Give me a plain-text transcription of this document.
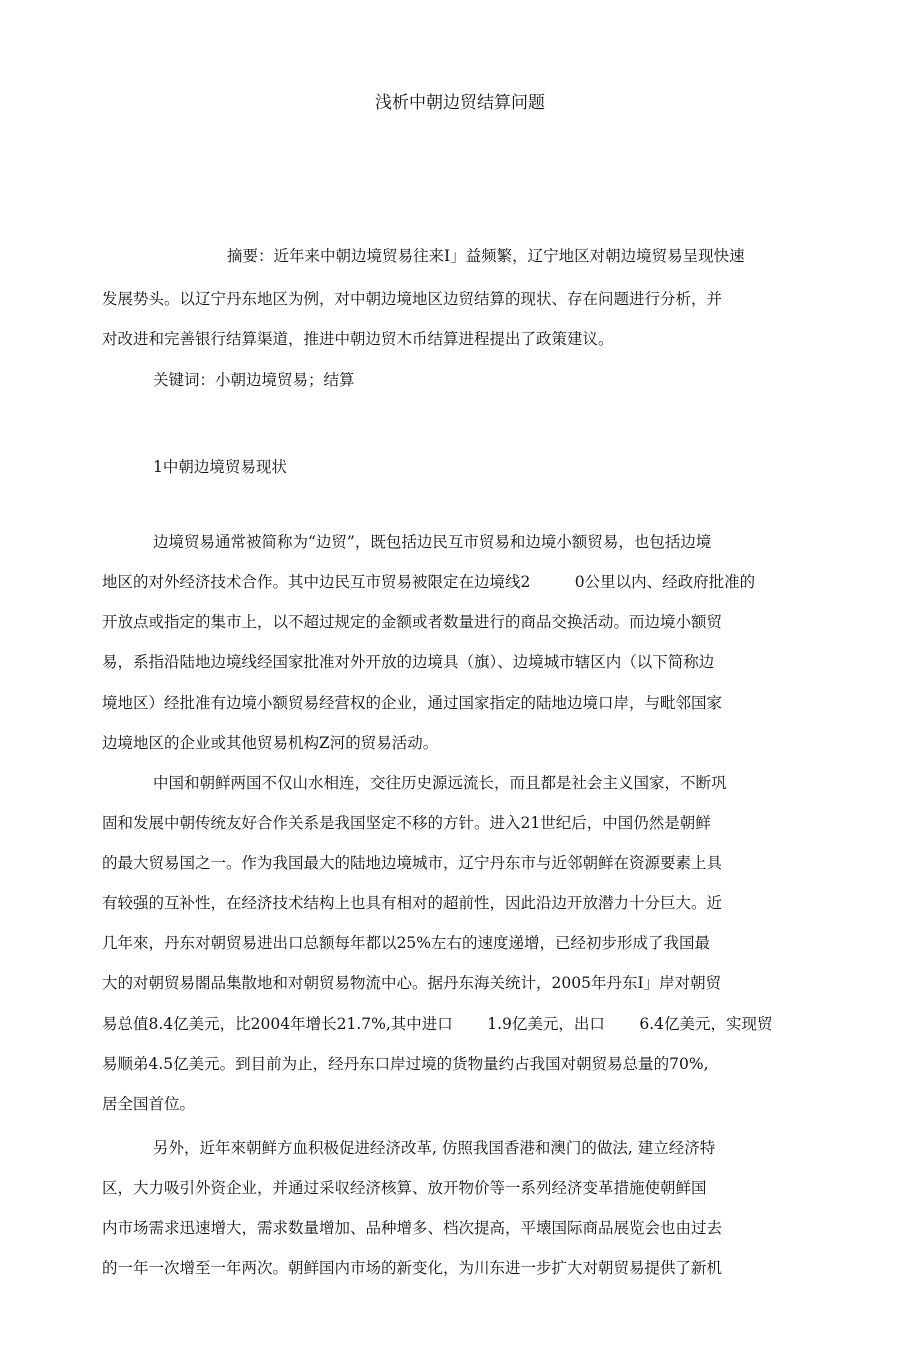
浅析中朝边贸结算问题
摘要：近年来中朝边境贸易往来I」益频繁，辽宁地区对朝边境贸易呈现快速
发展势头。以辽宁丹东地区为例，对中朝边境地区边贸结算的现状、存在问题进行分析，并
对改进和完善银行结算渠道，推进中朝边贸木币结算进程提出了政策建议。
关键词：小朝边境贸易；结算
1中朝边境贸易现状
边境贸易通常被简称为“边贸”，既包括边民互市贸易和边境小额贸易，也包括边境
地区的对外经济技术合作。其中边民互市贸易被限定在边境线2         0公里以内、经政府批准的
开放点或指定的集市上，以不超过规定的金额或者数量进行的商品交换活动。而边境小额贸
易，系指沿陆地边境线经国家批准对外开放的边境具（旗）、边境城市辖区内（以下简称边
境地区）经批准有边境小额贸易经营权的企业，通过国家指定的陆地边境口岸，与毗邻国家
边境地区的企业或其他贸易机构Z河的贸易活动。
中国和朝鲜两国不仅山水相连，交往历史源远流长，而且都是社会主义国家，不断巩
固和发展中朝传统友好合作关系是我国坚定不移的方针。进入21世纪后，中国仍然是朝鲜
的最大贸易国之一。作为我国最大的陆地边境城市，辽宁丹东市与近邻朝鲜在资源要素上具
有较强的互补性，在经济技术结构上也具有相对的超前性，因此沿边开放潜力十分巨大。近
几年來，丹东对朝贸易进出口总额每年都以25%左右的速度递增，已经初步形成了我国最
大的对朝贸易閤品集散地和对朝贸易物流中心。据丹东海关统计，2005年丹东I」岸对朝贸
易总值8.4亿美元，比2004年增长21.7%,其中进口       1.9亿美元，出口       6.4亿美元，实现贸
易顺弟4.5亿美元。到目前为止，经丹东口岸过境的货物量约占我国对朝贸易总量的70%,
居全国首位。
另外，近年來朝鲜方血积极促进经济改革, 仿照我国香港和澳门的做法, 建立经济特
区，大力吸引外资企业，并通过采収经济核算、放开物价等一系列经济变革措施使朝鲜国
内市场需求迅速增大，需求数量增加、品种增多、档次提高，平壊国际商品展览会也由过去
的一年一次增至一年两次。朝鲜国内市场的新变化，为川东进一步扩大对朝贸易提供了新机
